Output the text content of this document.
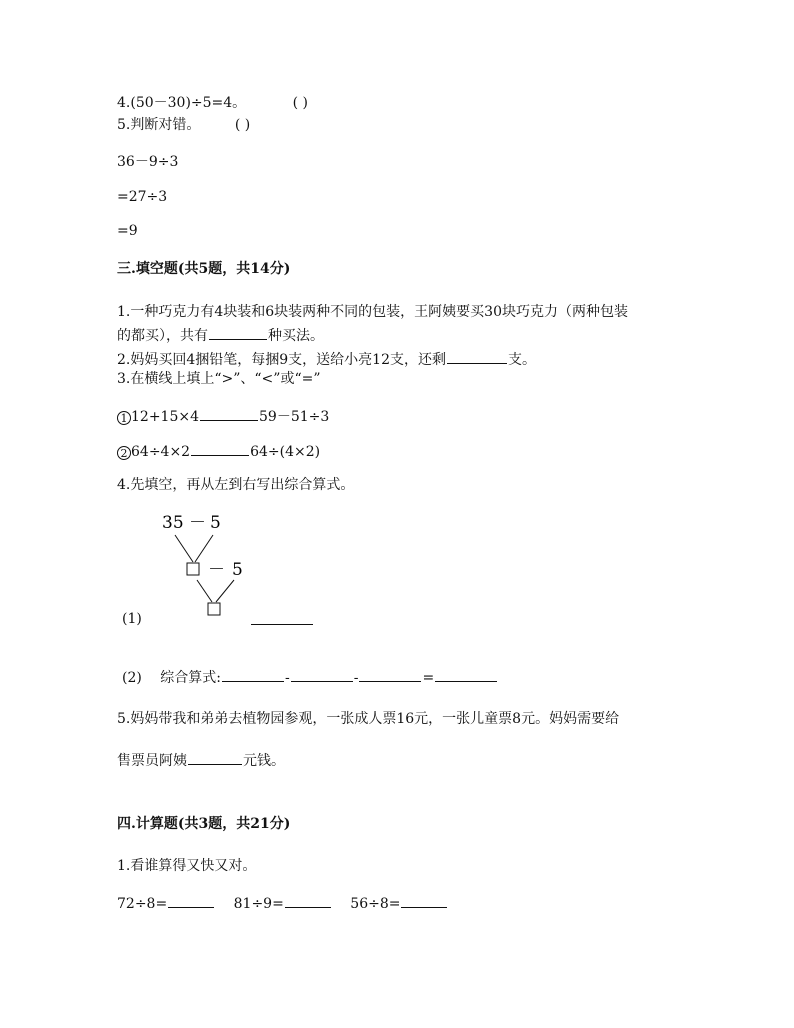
4.(50－30)÷5=4。	( )
5.判断对错。 ( )
36－9÷3
=27÷3
=9
三.填空题(共5题，共14分)
1.一种巧克力有4块装和6块装两种不同的包装，王阿姨要买30块巧克力（两种包装
的都买），共有	种买法。
2.妈妈买回4捆铅笔，每捆9支，送给小亮12支，还剩	支。
3.在横线上填上“>”、“<”或“=”
1 12+15×4	59－51÷3
2 64÷4×2	64÷(4×2)
4.先填空，再从左到右写出综合算式。
35 － 5
－ 5
(1)
(2) 综合算式:	-	-	=
5.妈妈带我和弟弟去植物园参观，一张成人票16元，一张儿童票8元。妈妈需要给
售票员阿姨	元钱。
四.计算题(共3题，共21分)
1.看谁算得又快又对。
72÷8=	81÷9=	56÷8=
